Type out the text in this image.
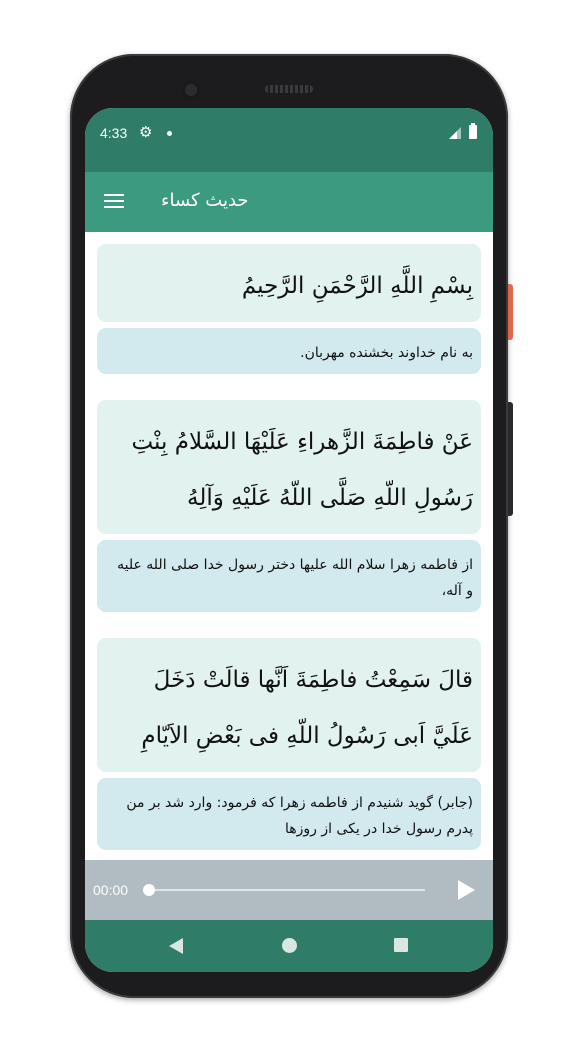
4:33 ⚙
حدیث کساء
بِسْمِ اللَّهِ الرَّحْمَنِ الرَّحِيمُ
به نام خداوند بخشنده مهربان.
عَنْ فاطِمَةَ الزَّهراءِ عَلَيْهَا السَّلامُ بِنْتِ رَسُولِ اللّهِ صَلَّى اللّهُ عَلَيْهِ وَآلِهُ
از فاطمه زهرا سلام الله علیها دختر رسول خدا صلی الله علیه و آله،
قالَ سَمِعْتُ فاطِمَةَ اَنَّها قالَتْ دَخَلَ عَلَيَّ اَبى رَسُولُ اللّهِ فى بَعْضِ الاَيّامِ
(جابر) گوید شنیدم از فاطمه زهرا که فرمود: وارد شد بر من پدرم رسول خدا در یکی از روزها
00:00
